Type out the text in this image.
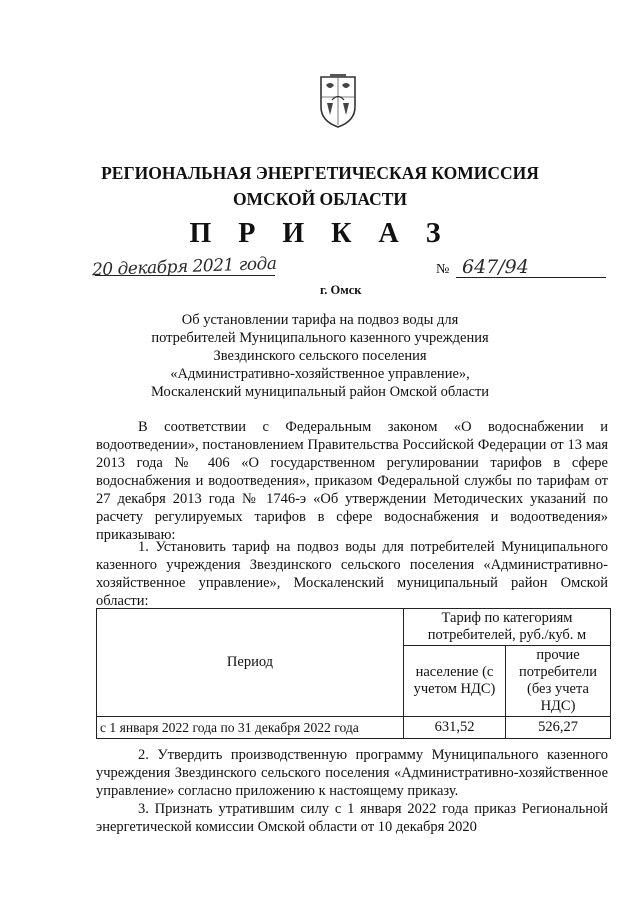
РЕГИОНАЛЬНАЯ ЭНЕРГЕТИЧЕСКАЯ КОМИССИЯ
ОМСКОЙ ОБЛАСТИ
П Р И К А З
20 декабря 2021 года	№ 647/94
г. Омск
Об установлении тарифа на подвоз воды для потребителей Муниципального казенного учреждения Звездинского сельского поселения «Административно-хозяйственное управление», Москаленский муниципальный район Омской области
В соответствии с Федеральным законом «О водоснабжении и водоотведении», постановлением Правительства Российской Федерации от 13 мая 2013 года № 406 «О государственном регулировании тарифов в сфере водоснабжения и водоотведения», приказом Федеральной службы по тарифам от 27 декабря 2013 года № 1746-э «Об утверждении Методических указаний по расчету регулируемых тарифов в сфере водоснабжения и водоотведения» приказываю:
1. Установить тариф на подвоз воды для потребителей Муниципального казенного учреждения Звездинского сельского поселения «Административно-хозяйственное управление», Москаленский муниципальный район Омской области:
Период	Тариф по категориям потребителей, руб./куб. м	
	население (с учетом НДС)	прочие потребители (без учета НДС)
с 1 января 2022 года по 31 декабря 2022 года	631,52	526,27
2. Утвердить производственную программу Муниципального казенного учреждения Звездинского сельского поселения «Административно-хозяйственное управление» согласно приложению к настоящему приказу.
3. Признать утратившим силу с 1 января 2022 года приказ Региональной энергетической комиссии Омской области от 10 декабря 2020
